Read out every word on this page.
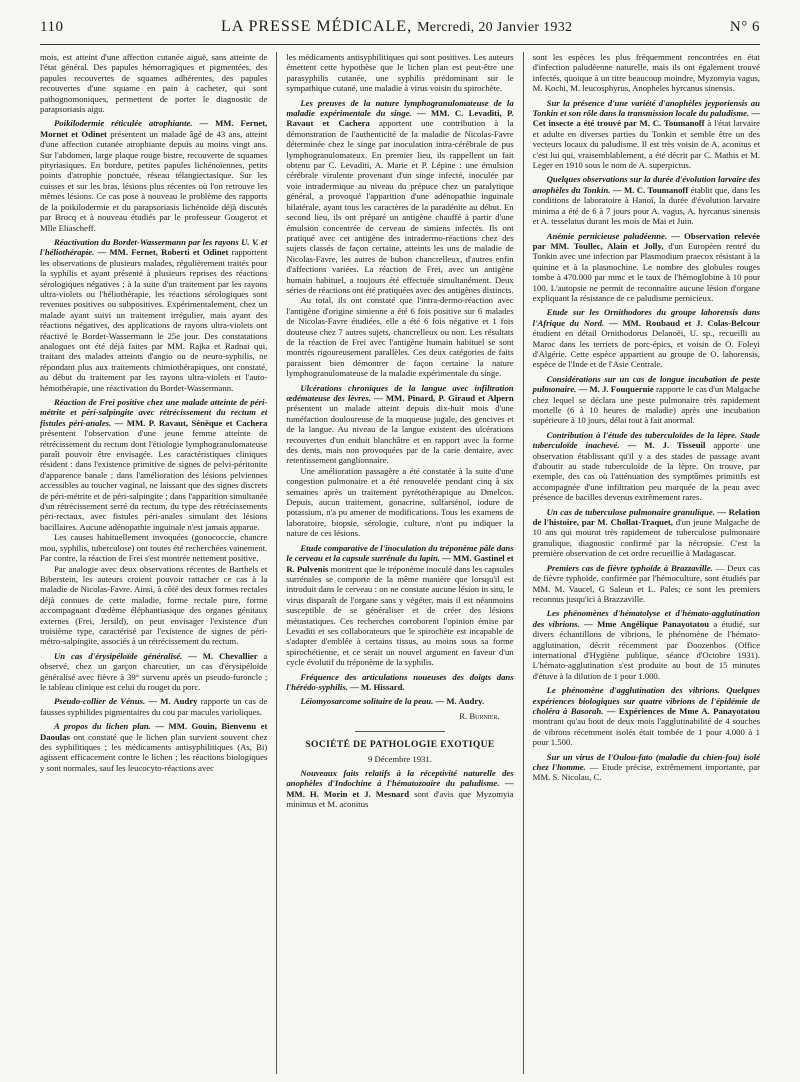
110	LA PRESSE MÉDICALE, Mercredi, 20 Janvier 1932	N° 6

mois, est atteint d'une affection cutanée aiguë, sans atteinte de l'état général. Des papules hémorragiques et pigmentées, des papules recouvertes de squames adhérentes, des papules recouvertes d'une squame en pain à cacheter, qui sont pathognomoniques, permettent de porter le diagnostic de parapsoriasis aigu.

Poikilodermie réticulée atrophiante. — MM. Fernet, Mornet et Odinet présentent un malade âgé de 43 ans, atteint d'une affection cutanée atrophiante depuis au moins vingt ans. Sur l'abdomen, large plaque rouge bistre, recouverte de squames pityriasiques. En bordure, petites papules lichénoïennes, petits points d'atrophie ponctuée, réseau télangiectasique. Sur les cuisses et sur les bras, lésions plus récentes où l'on retrouve les mêmes lésions. Ce cas pose à nouveau le problème des rapports de la poikilodermie et du parapsoriasis lichénoïde déjà discutés par Brocq et à nouveau étudiés par le professeur Gougerot et Mlle Eliascheff.

Réactivation du Bordet-Wassermann par les rayons U. V. et l'héliothérapie. — MM. Fernet, Roberti et Odinet rapportent les observations de plusieurs malades, régulièrement traités pour la syphilis et ayant présenté à plusieurs reprises des réactions sérologiques négatives ; à la suite d'un traitement par les rayons ultra-violets ou l'héliothérapie, les réactions sérologiques sont revenues positives ou subpositives. Expérimentalement, chez un malade ayant suivi un traitement irrégulier, mais ayant des réactions négatives, des applications de rayons ultra-violets ont réactivé le Bordet-Wassermann le 25e jour. Des constatations analogues ont été déjà faites par MM. Rajka et Radnai qui, traitant des malades atteints d'angio ou de neuro-syphilis, ne répondant plus aux traitements chimiothérapiques, ont constaté, au début du traitement par les rayons ultra-violets et l'auto-hémothérapie, une réactivation du Bordet-Wassermann.

Réaction de Frei positive chez une malade atteinte de péri-métrite et péri-salpingite avec rétrécissement du rectum et fistules péri-anales. — MM. P. Ravaut, Sénèque et Cachera présentent l'observation d'une jeune femme atteinte de rétrécissement du rectum dont l'étiologie lymphogranulomateuse paraît pouvoir être envisagée. Les caractéristiques cliniques résident : dans l'existence primitive de signes de pelvi-péritonite d'apparence banale ; dans l'amélioration des lésions pelviennes accessibles au toucher vaginal, ne laissant que des signes discrets de péri-métrite et de péri-salpingite ; dans l'apparition simultanée d'un rétrécissement serré du rectum, du type des rétrécissements péri-rectaux, avec fistules péri-anales simulant des lésions bacillaires. Aucune adénopathie inguinale n'est jamais apparue.

Les causes habituellement invoquées (gonococcie, chancre mou, syphilis, tuberculose) ont toutes été recherchées vainement. Par contre, la réaction de Frei s'est montrée nettement positive.

Par analogie avec deux observations récentes de Barthels et Biberstein, les auteurs croient pouvoir rattacher ce cas à la maladie de Nicolas-Favre. Ainsi, à côté des deux formes rectales déjà connues de cette maladie, forme rectale pure, forme accompagnant d'œdème éléphantiasique des organes génitaux externes (Frei, Jersild), on peut envisager l'existence d'un troisième type, caractérisé par l'existence de signes de péri-métro-salpingite, associés à un rétrécissement du rectum.

Un cas d'érysipéloïde généralisé. — M. Chevallier a observé, chez un garçon charcutier, un cas d'érysipéloïde généralisé avec fièvre à 39° survenu après un pseudo-furoncle ; le tableau clinique est celui du rouget du porc.

Pseudo-collier de Vénus. — M. Audry rapporte un cas de fausses syphilides pigmentaires du cou par macules varioliques.

A propos du lichen plan. — MM. Gouin, Bienvenu et Daoulas ont constaté que le lichen plan survient souvent chez des syphilitiques ; les médicaments antisyphilitiques (As, Bi) agissent efficacement contre le lichen ; les réactions biologiques y sont normales, sauf les leucocyto-réactions avec

les médicaments antisyphilitiques qui sont positives. Les auteurs émettent cette hypothèse que le lichen plan est peut-être une parasyphilis cutanée, une syphilis prédominant sur le sympathique cutané, une maladie à virus voisin du spirochète.

Les preuves de la nature lymphogranulomateuse de la maladie expérimentale du singe. — MM. C. Levaditi, P. Ravaut et Cachera apportent une contribution à la démonstration de l'authenticité de la maladie de Nicolas-Favre déterminée chez le singe par inoculation intra-cérébrale de pus lymphogranulomateux. En premier lieu, ils rappellent un fait obtenu par C. Levaditi, A. Marie et P. Lépine : une émulsion cérébrale virulente provenant d'un singe infecté, inoculée par voie intradermique au niveau du prépuce chez un paralytique général, a provoqué l'apparition d'une adénopathie inguinale bilatérale, ayant tous les caractères de la paradénite au début. En second lieu, ils ont préparé un antigène chauffé à partir d'une émulsion concentrée de cerveau de simiens infectés. Ils ont pratiqué avec cet antigène des intradermo-réactions chez des sujets classés de façon certaine, atteints les uns de maladie de Nicolas-Favre, les autres de bubon chancrelleux, d'autres enfin d'affections variées. La réaction de Frei, avec un antigène humain habituel, a toujours été effectuée simultanément. Deux séries de réactions ont été pratiquées avec des antigènes distincts.

Au total, ils ont constaté que l'intra-dermo-réaction avec l'antigène d'origine simienne a été 6 fois positive sur 6 malades de Nicolas-Favre étudiées, elle a été 6 fois négative et 1 fois douteuse chez 7 autres sujets, chancrelleux ou non. Les résultats de la réaction de Frei avec l'antigène humain habituel se sont montrés rigoureusement parallèles. Ces deux catégories de faits paraissent bien démontrer de façon certaine la nature lymphogranulomateuse de la maladie expérimentale du singe.

Ulcérations chroniques de la langue avec infiltration œdémateuse des lèvres. — MM. Pinard, P. Giraud et Alpern présentent un malade atteint depuis dix-huit mois d'une tuméfaction douloureuse de la muqueuse jugale, des gencives et de la langue. Au niveau de la langue existent des ulcérations recouvertes d'un enduit blanchâtre et en rapport avec la forme des dents, mais non provoquées par de la carie dentaire, avec retentissement ganglionnaire.

Une amélioration passagère a été constatée à la suite d'une congestion pulmonaire et a été renouvelée pendant cinq à six semaines après un traitement pyrétothérapique au Dmelcos. Depuis, aucun traitement, gonacrine, sulfarsénol, iodure de potassium, n'a pu amener de modifications. Tous les examens de laboratoire, biopsie, sérologie, culture, n'ont pu indiquer la nature de ces lésions.

Etude comparative de l'inoculation du tréponème pâle dans le cerveau et la capsule surrénale du lapin. — MM. Gastinel et R. Pulvenis montrent que le tréponème inoculé dans les capsules surrénales se comporte de la même manière que lorsqu'il est introduit dans le cerveau : on ne constate aucune lésion in situ, le virus disparaît de l'organe sans y végéter, mais il est néanmoins susceptible de se généraliser et de créer des lésions métastatiques. Ces recherches corroborent l'opinion émise par Levaditi et ses collaborateurs que le spirochète est incapable de s'adapter d'emblée à certains tissus, au moins sous sa forme spirochétienne, et ce serait un nouvel argument en faveur d'un cycle évolutif du tréponème de la syphilis.

Fréquence des articulations noueuses des doigts dans l'hérédo-syphilis. — M. Hissard.

Léiomyosarcome solitaire de la peau. — M. Audry.

R. Burnier.
SOCIÉTÉ DE PATHOLOGIE EXOTIQUE
9 Décembre 1931.

Nouveaux faits relatifs à la réceptivité naturelle des anophèles d'Indochine à l'hématozoaire du paludisme. — MM. H. Morin et J. Mesnard sont d'avis que Myzomyia minimus et M. aconitus

sont les espèces les plus fréquemment rencontrées en état d'infection paludéenne naturelle, mais ils ont également trouvé infectés, quoique à un titre beaucoup moindre, Myzomyia vagus, M. Kochi, M. leucosphyrus, Anopheles hyrcanus sinensis.

Sur la présence d'une variété d'anophèles jeyporiensis au Tonkin et son rôle dans la transmission locale du paludisme. — Cet insecte a été trouvé par M. C. Toumanoff à l'état larvaire et adulte en diverses parties du Tonkin et semble être un des vecteurs locaux du paludisme. Il est très voisin de A. aconitus et c'est lui qui, vraisemblablement, a été décrit par C. Mathis et M. Leger en 1910 sous le nom de A. superpictus.

Quelques observations sur la durée d'évolution larvaire des anophèles du Tonkin. — M. C. Toumanoff établit que, dans les conditions de laboratoire à Hanoï, la durée d'évolution larvaire minima a été de 6 à 7 jours pour A. vagus, A. hyrcanus sinensis et A. tesselatus durant les mois de Mai et Juin.

Anémie pernicieuse paludéenne. — Observation relevée par MM. Toullec, Alain et Jolly, d'un Européen rentré du Tonkin avec une infection par Plasmodium praecox résistant à la quinine et à la plasmochine. Le nombre des globules rouges tombe à 470.000 par mmc et le taux de l'hémoglobine à 10 pour 100. L'autopsie ne permit de reconnaître aucune lésion d'organe expliquant la résistance de ce paludisme pernicieux.

Etude sur les Ornithodores du groupe lahorensis dans l'Afrique du Nord. — MM. Roubaud et J. Colas-Belcour étudient en détail Ornithodorus Delanoëi, U. sp., recueilli au Maroc dans les terriers de porc-épics, et voisin de O. Foleyi d'Algérie. Cette espèce appartient au groupe de O. lahorensis, espèce de l'Inde et de l'Asie Centrale.

Considérations sur un cas de longue incubation de peste pulmonaire. — M. J. Fouquernie rapporte le cas d'un Malgache chez lequel se déclara une peste pulmonaire très rapidement mortelle (6 à 10 heures de maladie) après une incubation supérieure à 10 jours, délai tout à fait anormal.

Contribution à l'étude des tuberculoïdes de la lèpre. Stade tuberculoïde inachevé. — M. J. Tisseuil apporte une observation établissant qu'il y a des stades de passage avant d'aboutir au stade tuberculoïde de la lèpre. On trouve, par exemple, des cas où l'atténuation des symptômes primitifs est accompagnée d'une infiltration peu marquée de la peau avec présence de bacilles devenus extrêmement rares.

Un cas de tuberculose pulmonaire granulique. — Relation de l'histoire, par M. Chollat-Traquet, d'un jeune Malgache de 10 ans qui mourut très rapidement de tuberculose pulmonaire granulique, diagnostic confirmé par la nécropsie. C'est la première observation de cet ordre recueillie à Madagascar.

Premiers cas de fièvre typhoïde à Brazzaville. — Deux cas de fièvre typhoïde, confirmée par l'hémoculture, sont étudiés par MM. M. Vaucel, G Saleun et L. Pales; ce sont les premiers reconnus jusqu'ici à Brazzaville.

Les phénomènes d'hématolyse et d'hémato-agglutination des vibrions. — Mme Angélique Panayotatou a étudié, sur divers échantillons de vibrions, le phénomène de l'hémato-agglutination, décrit récemment par Doozenbos (Office international d'Hygiène publique, séance d'Octobre 1931). L'hémato-agglutination s'est produite au bout de 15 minutes d'étuve à la dilution de 1 pour 1.000.

Le phénomène d'agglutination des vibrions. Quelques expériences biologiques sur quatre vibrions de l'épidémie de choléra à Basorah. — Expériences de Mme A. Panayotatou montrant qu'au bout de deux mois l'agglutinabilité de 4 souches de vibrons récemment isolés était tombée de 1 pour 4.000 à 1 pour 1.500.

Sur un virus de l'Oulou-fato (maladie du chien-fou) isolé chez l'homme. — Etude précise, extrêmement importante, par MM. S. Nicolau, C.
